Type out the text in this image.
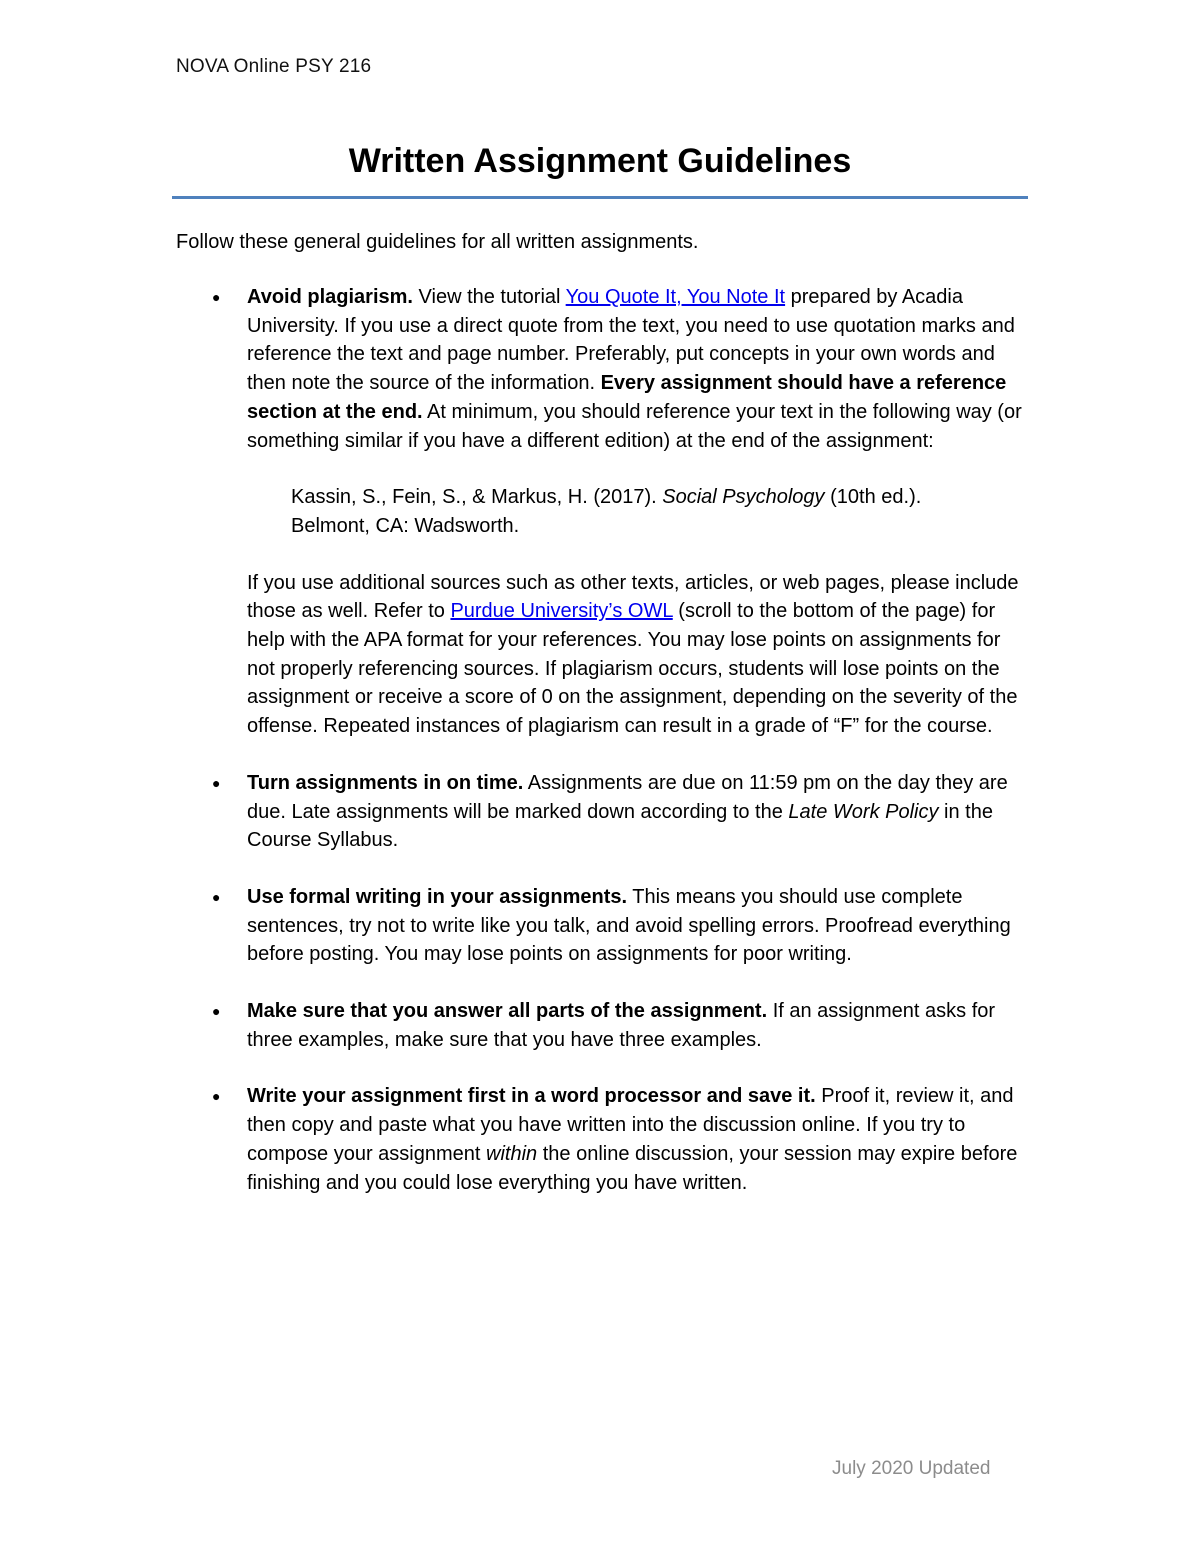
NOVA Online PSY 216
Written Assignment Guidelines

Follow these general guidelines for all written assignments.

● Avoid plagiarism. View the tutorial You Quote It, You Note It prepared by Acadia University. If you use a direct quote from the text, you need to use quotation marks and reference the text and page number. Preferably, put concepts in your own words and then note the source of the information. Every assignment should have a reference section at the end. At minimum, you should reference your text in the following way (or something similar if you have a different edition) at the end of the assignment:

Kassin, S., Fein, S., & Markus, H. (2017). Social Psychology (10th ed.).
Belmont, CA: Wadsworth.

If you use additional sources such as other texts, articles, or web pages, please include those as well. Refer to Purdue University’s OWL (scroll to the bottom of the page) for help with the APA format for your references. You may lose points on assignments for not properly referencing sources. If plagiarism occurs, students will lose points on the assignment or receive a score of 0 on the assignment, depending on the severity of the offense. Repeated instances of plagiarism can result in a grade of “F” for the course.

● Turn assignments in on time. Assignments are due on 11:59 pm on the day they are due. Late assignments will be marked down according to the Late Work Policy in the Course Syllabus.

● Use formal writing in your assignments. This means you should use complete sentences, try not to write like you talk, and avoid spelling errors. Proofread everything before posting. You may lose points on assignments for poor writing.

● Make sure that you answer all parts of the assignment. If an assignment asks for three examples, make sure that you have three examples.

● Write your assignment first in a word processor and save it. Proof it, review it, and then copy and paste what you have written into the discussion online. If you try to compose your assignment within the online discussion, your session may expire before finishing and you could lose everything you have written.

July 2020 Updated
